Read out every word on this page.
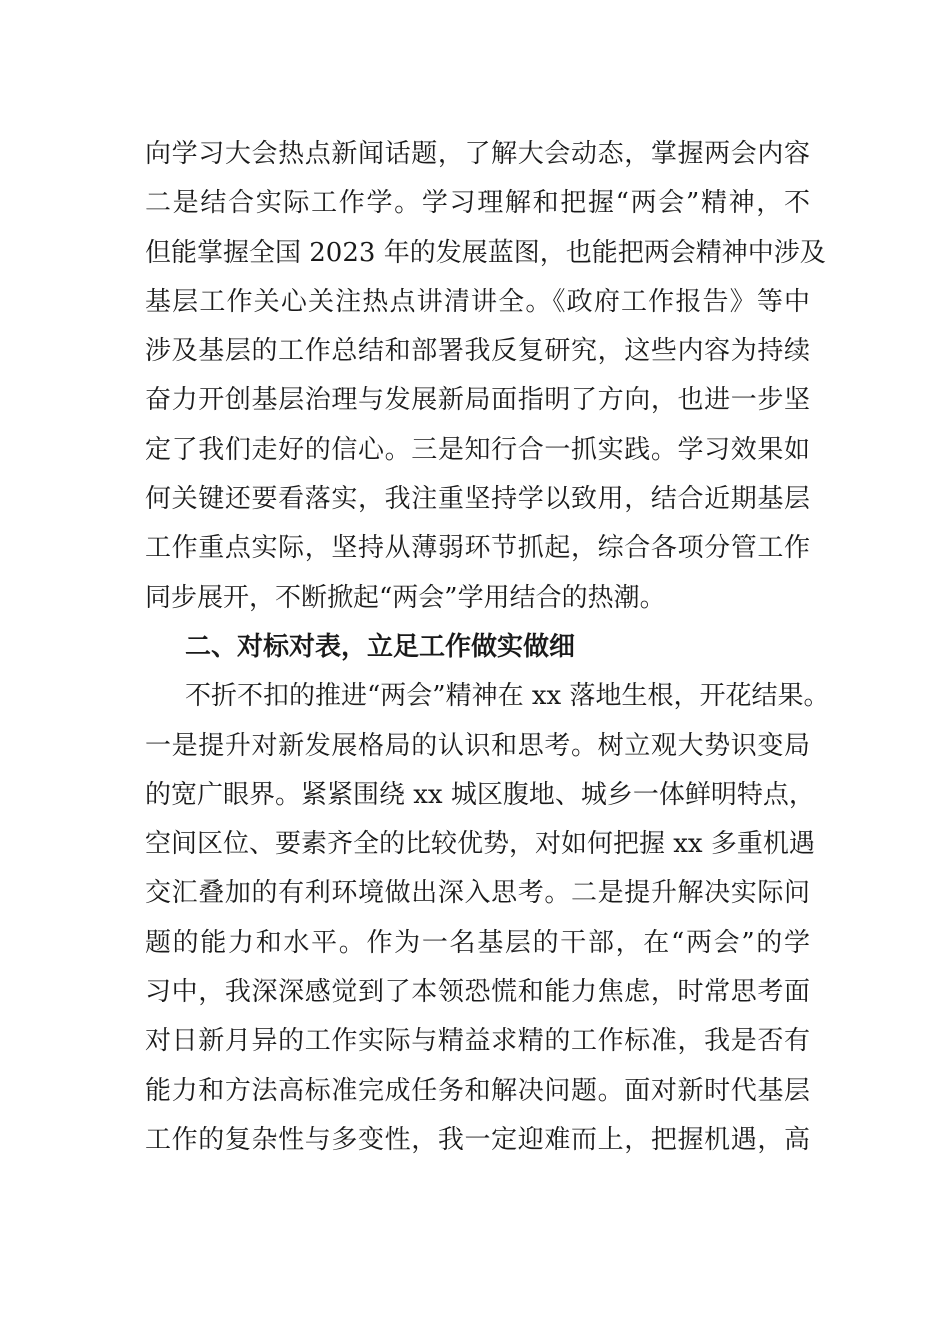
向学习大会热点新闻话题，了解大会动态，掌握两会内容
二是结合实际工作学。学习理解和把握“两会”精神，不
但能掌握全国 2023 年的发展蓝图，也能把两会精神中涉及
基层工作关心关注热点讲清讲全。《政府工作报告》等中
涉及基层的工作总结和部署我反复研究，这些内容为持续
奋力开创基层治理与发展新局面指明了方向，也进一步坚
定了我们走好的信心。三是知行合一抓实践。学习效果如
何关键还要看落实，我注重坚持学以致用，结合近期基层
工作重点实际，坚持从薄弱环节抓起，综合各项分管工作
同步展开，不断掀起“两会”学用结合的热潮。
二、对标对表，立足工作做实做细
不折不扣的推进“两会”精神在 xx 落地生根，开花结果。
一是提升对新发展格局的认识和思考。树立观大势识变局
的宽广眼界。紧紧围绕 xx 城区腹地、城乡一体鲜明特点，
空间区位、要素齐全的比较优势，对如何把握 xx 多重机遇
交汇叠加的有利环境做出深入思考。二是提升解决实际问
题的能力和水平。作为一名基层的干部，在“两会”的学
习中，我深深感觉到了本领恐慌和能力焦虑，时常思考面
对日新月异的工作实际与精益求精的工作标准，我是否有
能力和方法高标准完成任务和解决问题。面对新时代基层
工作的复杂性与多变性，我一定迎难而上，把握机遇，高
